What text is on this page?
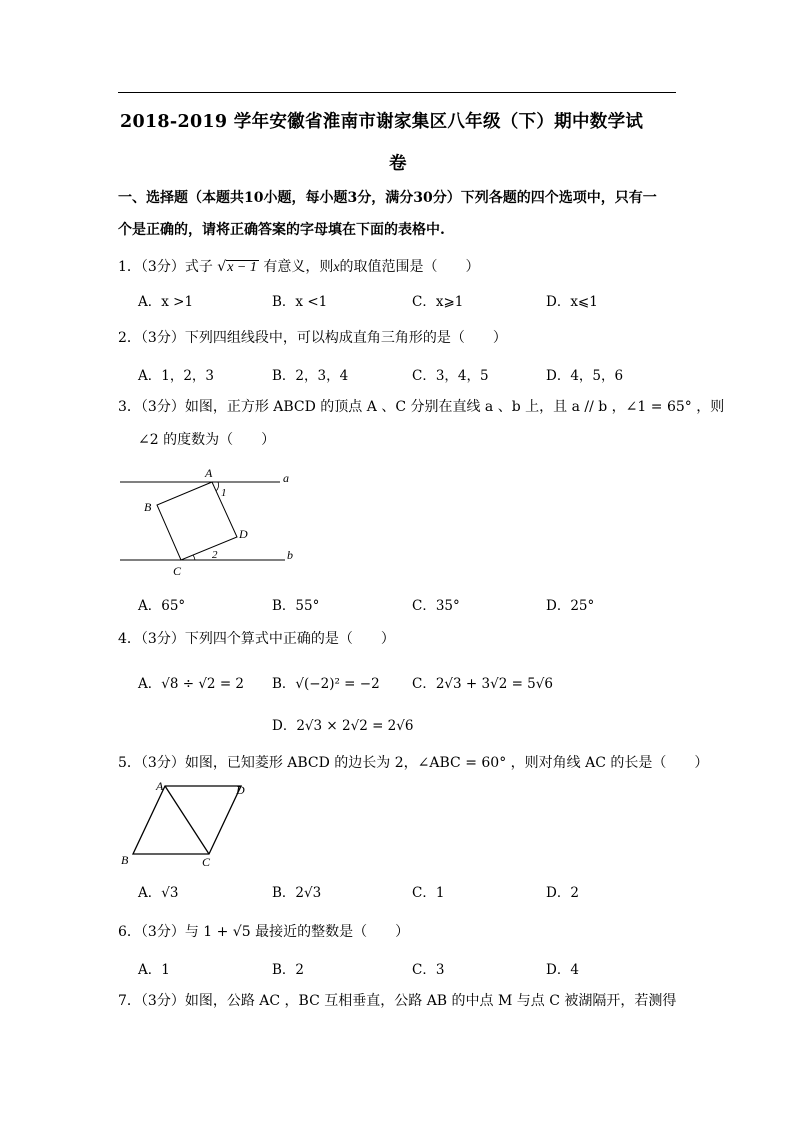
2018-2019 学年安徽省淮南市谢家集区八年级（下）期中数学试
卷
一、选择题（本题共10小题，每小题3分，满分30分）下列各题的四个选项中，只有一
个是正确的，请将正确答案的字母填在下面的表格中.
1．（3分）式子 √x − 1 有意义，则x的取值范围是（　　）
A．x >1	B．x <1	C．x⩾1	D．x⩽1
2．（3分）下列四组线段中，可以构成直角三角形的是（　　）
A．1，2，3	B．2，3，4	C．3，4，5	D．4，5，6
3．（3分）如图，正方形 ABCD 的顶点 A 、C 分别在直线 a 、b 上，且 a // b ，∠1 = 65° ，则
∠2 的度数为（　　）
A
B
C
D
a
b
1
2
A．65°	B．55°	C．35°	D．25°
4．（3分）下列四个算式中正确的是（　　）
A．√8 ÷ √2 = 2 B．√(−2)² = −2 C．2√3 + 3√2 = 5√6
D．2√3 × 2√2 = 2√6
5．（3分）如图，已知菱形 ABCD 的边长为 2，∠ABC = 60° ，则对角线 AC 的长是（　　）
A
B	C
D
A．√3	B．2√3	C．1	D．2
6．（3分）与 1 + √5 最接近的整数是（　　）
A．1	B．2	C．3	D．4
7．（3分）如图，公路 AC ，BC 互相垂直，公路 AB 的中点 M 与点 C 被湖隔开，若测得
